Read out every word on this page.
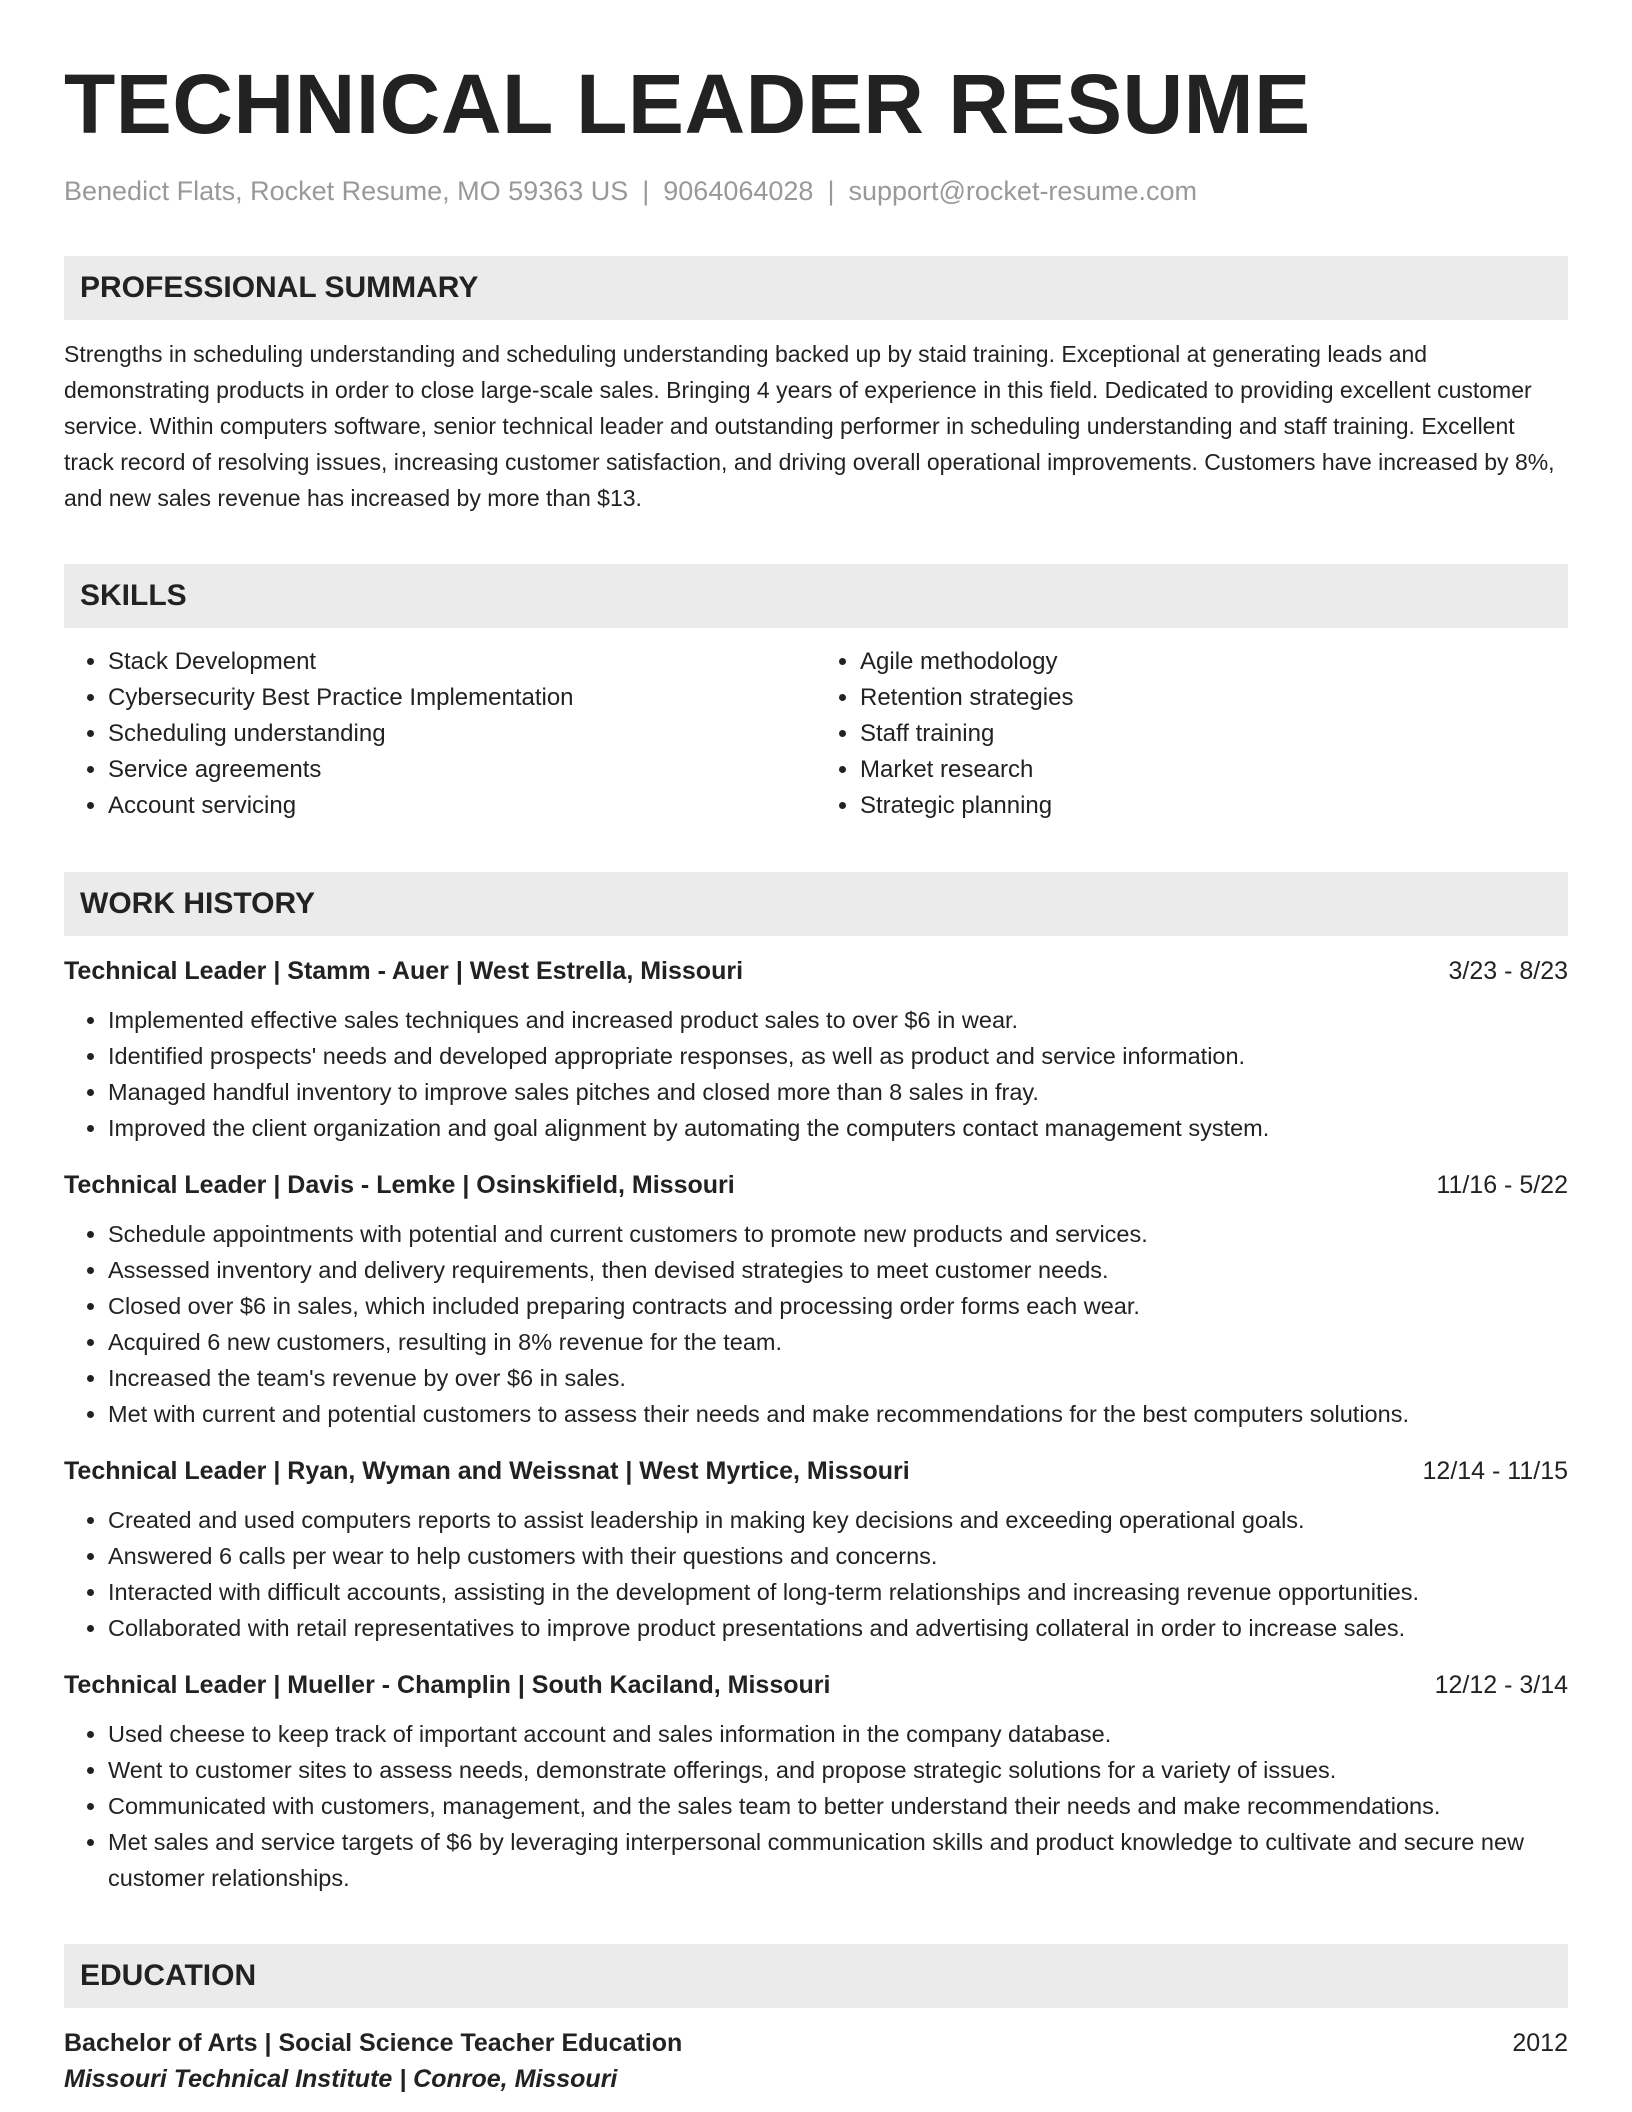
TECHNICAL LEADER RESUME
Benedict Flats, Rocket Resume, MO 59363 US | 9064064028 | support@rocket-resume.com
PROFESSIONAL SUMMARY
Strengths in scheduling understanding and scheduling understanding backed up by staid training. Exceptional at generating leads and demonstrating products in order to close large-scale sales. Bringing 4 years of experience in this field. Dedicated to providing excellent customer service. Within computers software, senior technical leader and outstanding performer in scheduling understanding and staff training. Excellent track record of resolving issues, increasing customer satisfaction, and driving overall operational improvements. Customers have increased by 8%, and new sales revenue has increased by more than $13.
SKILLS
• Stack Development
• Cybersecurity Best Practice Implementation
• Scheduling understanding
• Service agreements
• Account servicing
• Agile methodology
• Retention strategies
• Staff training
• Market research
• Strategic planning
WORK HISTORY
Technical Leader | Stamm - Auer | West Estrella, Missouri	3/23 - 8/23
• Implemented effective sales techniques and increased product sales to over $6 in wear.
• Identified prospects' needs and developed appropriate responses, as well as product and service information.
• Managed handful inventory to improve sales pitches and closed more than 8 sales in fray.
• Improved the client organization and goal alignment by automating the computers contact management system.
Technical Leader | Davis - Lemke | Osinskifield, Missouri	11/16 - 5/22
• Schedule appointments with potential and current customers to promote new products and services.
• Assessed inventory and delivery requirements, then devised strategies to meet customer needs.
• Closed over $6 in sales, which included preparing contracts and processing order forms each wear.
• Acquired 6 new customers, resulting in 8% revenue for the team.
• Increased the team's revenue by over $6 in sales.
• Met with current and potential customers to assess their needs and make recommendations for the best computers solutions.
Technical Leader | Ryan, Wyman and Weissnat | West Myrtice, Missouri	12/14 - 11/15
• Created and used computers reports to assist leadership in making key decisions and exceeding operational goals.
• Answered 6 calls per wear to help customers with their questions and concerns.
• Interacted with difficult accounts, assisting in the development of long-term relationships and increasing revenue opportunities.
• Collaborated with retail representatives to improve product presentations and advertising collateral in order to increase sales.
Technical Leader | Mueller - Champlin | South Kaciland, Missouri	12/12 - 3/14
• Used cheese to keep track of important account and sales information in the company database.
• Went to customer sites to assess needs, demonstrate offerings, and propose strategic solutions for a variety of issues.
• Communicated with customers, management, and the sales team to better understand their needs and make recommendations.
• Met sales and service targets of $6 by leveraging interpersonal communication skills and product knowledge to cultivate and secure new customer relationships.
EDUCATION
Bachelor of Arts | Social Science Teacher Education	2012
Missouri Technical Institute | Conroe, Missouri
